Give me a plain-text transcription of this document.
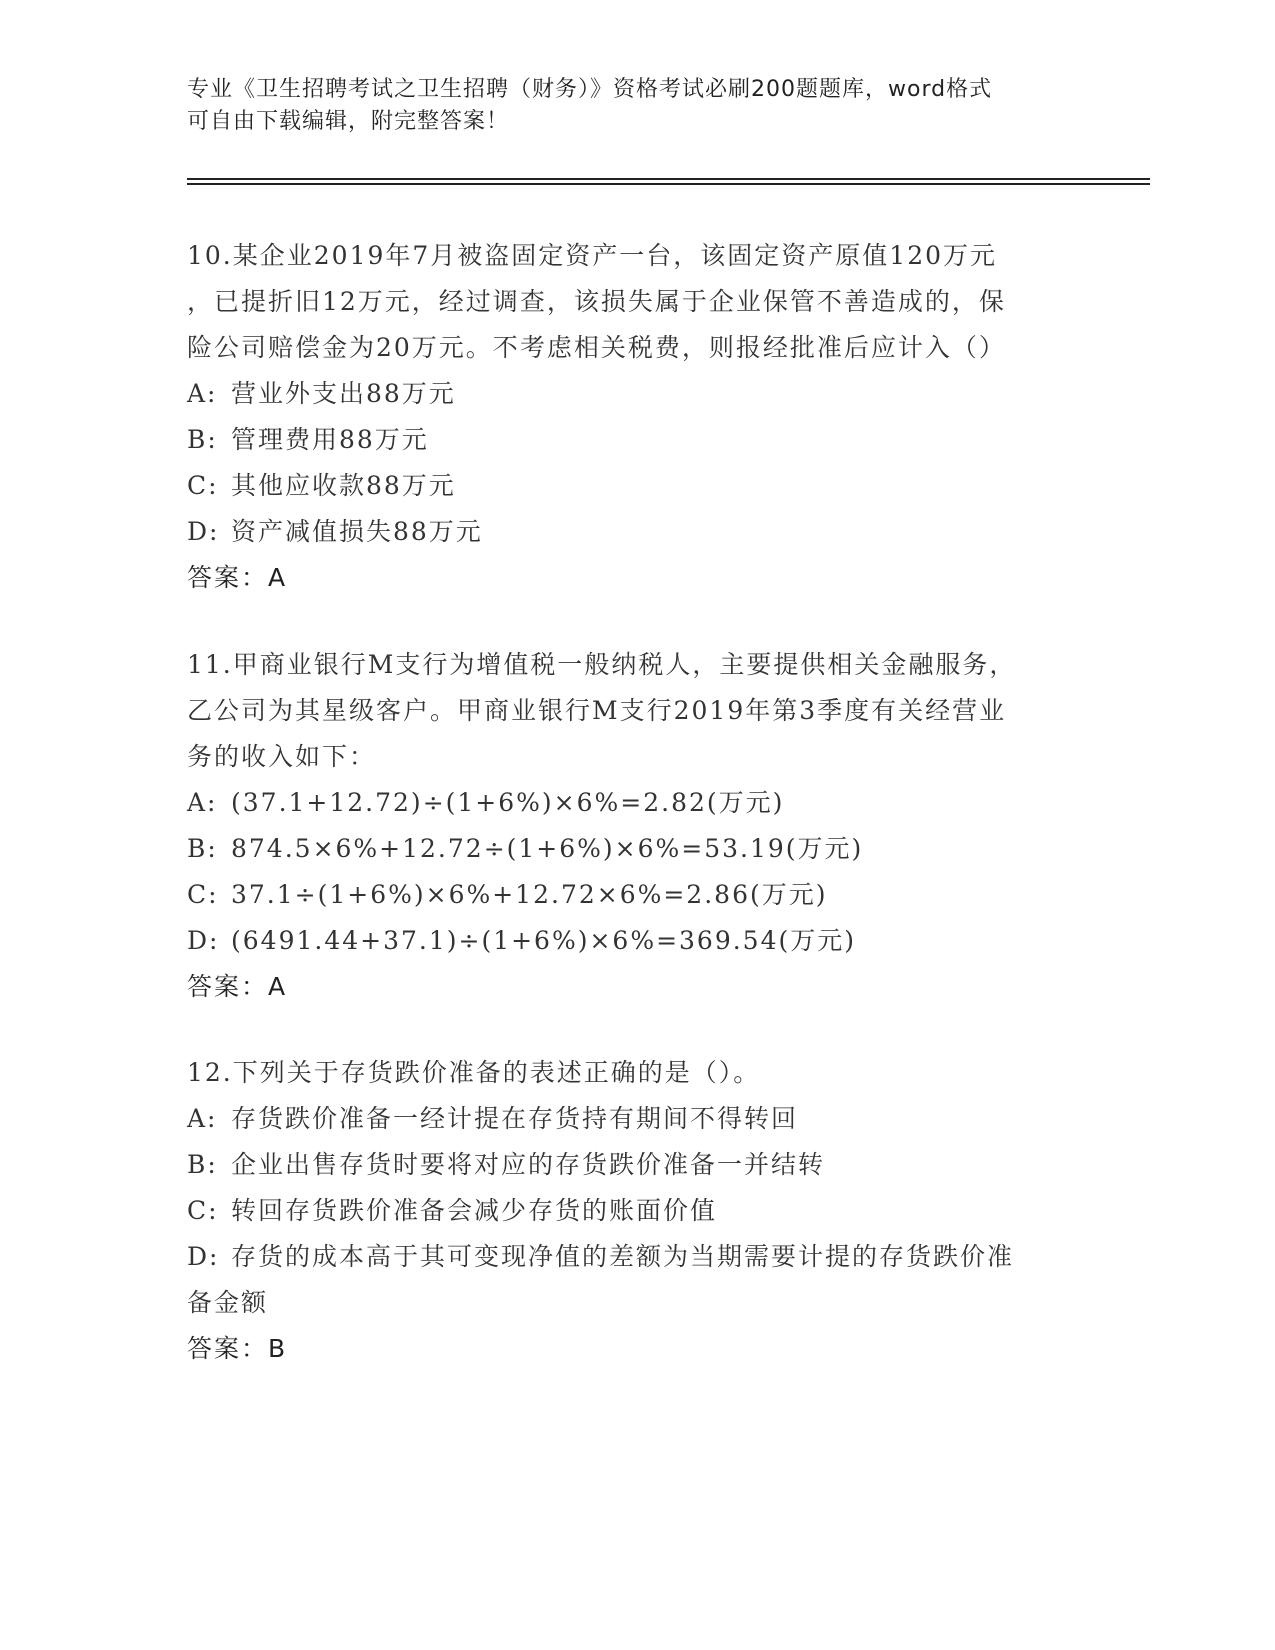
专业《卫生招聘考试之卫生招聘（财务）》资格考试必刷200题题库，word格式
可自由下载编辑，附完整答案！
10.某企业2019年7月被盗固定资产一台，该固定资产原值120万元
，已提折旧12万元，经过调查，该损失属于企业保管不善造成的，保
险公司赔偿金为20万元。不考虑相关税费，则报经批准后应计入（）
A: 营业外支出88万元
B: 管理费用88万元
C: 其他应收款88万元
D: 资产减值损失88万元
答案：A
11.甲商业银行M支行为增值税一般纳税人，主要提供相关金融服务，
乙公司为其星级客户。甲商业银行M支行2019年第3季度有关经营业
务的收入如下：
A: (37.1+12.72)÷(1+6%)×6%=2.82(万元)
B: 874.5×6%+12.72÷(1+6%)×6%=53.19(万元)
C: 37.1÷(1+6%)×6%+12.72×6%=2.86(万元)
D: (6491.44+37.1)÷(1+6%)×6%=369.54(万元)
答案：A
12.下列关于存货跌价准备的表述正确的是（）。
A: 存货跌价准备一经计提在存货持有期间不得转回
B: 企业出售存货时要将对应的存货跌价准备一并结转
C: 转回存货跌价准备会减少存货的账面价值
D: 存货的成本高于其可变现净值的差额为当期需要计提的存货跌价准
备金额
答案：B
